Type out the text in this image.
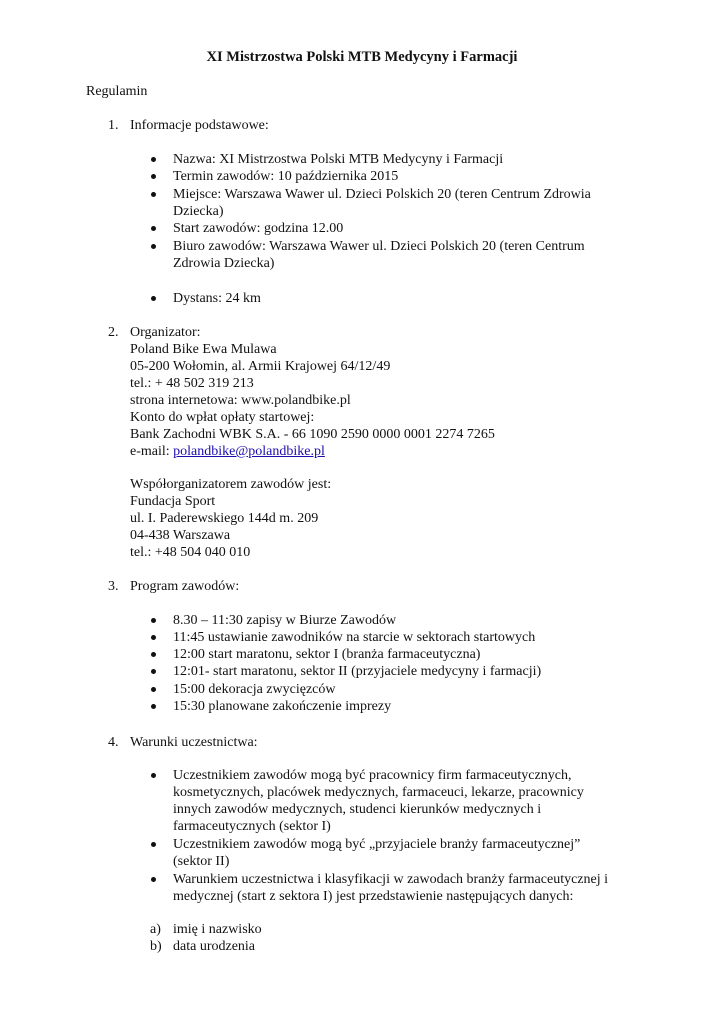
XI Mistrzostwa Polski MTB Medycyny i Farmacji
Regulamin
1. Informacje podstawowe:
Nazwa: XI Mistrzostwa Polski MTB Medycyny i Farmacji
Termin zawodów: 10 października 2015
Miejsce: Warszawa Wawer ul. Dzieci Polskich 20 (teren Centrum Zdrowia
Dziecka)
Start zawodów: godzina 12.00
Biuro zawodów: Warszawa Wawer ul. Dzieci Polskich 20 (teren Centrum
Zdrowia Dziecka)
Dystans: 24 km
2. Organizator:
Poland Bike Ewa Mulawa
05-200 Wołomin, al. Armii Krajowej 64/12/49
tel.: + 48 502 319 213
strona internetowa: www.polandbike.pl
Konto do wpłat opłaty startowej:
Bank Zachodni WBK S.A. - 66 1090 2590 0000 0001 2274 7265
e-mail: polandbike@polandbike.pl
Współorganizatorem zawodów jest:
Fundacja Sport
ul. I. Paderewskiego 144d m. 209
04-438 Warszawa
tel.: +48 504 040 010
3. Program zawodów:
8.30 – 11:30 zapisy w Biurze Zawodów
11:45 ustawianie zawodników na starcie w sektorach startowych
12:00 start maratonu, sektor I (branża farmaceutyczna)
12:01- start maratonu, sektor II (przyjaciele medycyny i farmacji)
15:00 dekoracja zwycięzców
15:30 planowane zakończenie imprezy
4. Warunki uczestnictwa:
Uczestnikiem zawodów mogą być pracownicy firm farmaceutycznych,
kosmetycznych, placówek medycznych, farmaceuci, lekarze, pracownicy
innych zawodów medycznych, studenci kierunków medycznych i
farmaceutycznych (sektor I)
Uczestnikiem zawodów mogą być „przyjaciele branży farmaceutycznej”
(sektor II)
Warunkiem uczestnictwa i klasyfikacji w zawodach branży farmaceutycznej i
medycznej (start z sektora I) jest przedstawienie następujących danych:
a) imię i nazwisko
b) data urodzenia
